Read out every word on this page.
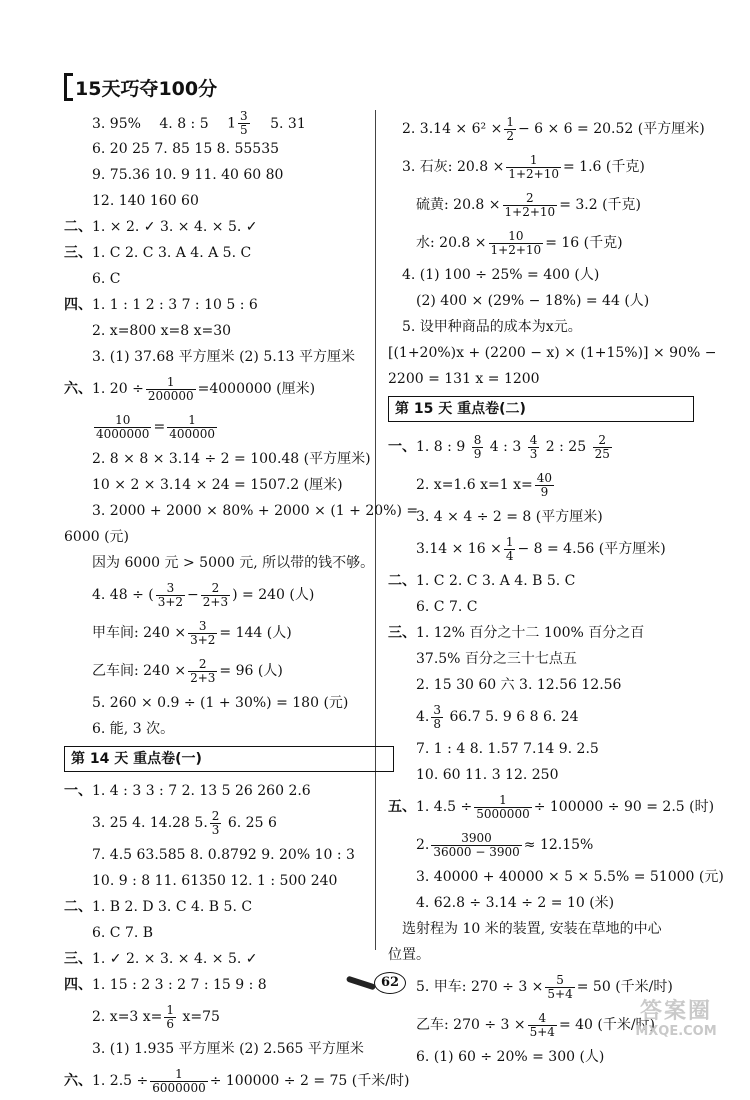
15天巧夺100分
3. 95% 4. 8 : 5 $1 \frac{3}{5} 5$. 31
6. 20 25 7. 85 15 8. 55535
9. 75.36 10. 9 11. 40 60 80
12. 140 160 60
二、1. × 2. ✓ 3. × 4. × 5. ✓
三、1. C 2. C 3. A 4. A 5. C
6. C
四、1. 1 : 1 2 : 3 7 : 10 5 : 6
2. x=800 x=8 x=30
3. (1) 37.68 平方厘米 (2) 5.13 平方厘米
六、1. $20 \div \frac{1}{200000} =4000000$ (厘米)
$\frac{10}{4000000} = \frac{1}{400000}$
2. 8 × 8 × 3.14 ÷ 2 = 100.48 (平方厘米)
10 × 2 × 3.14 × 24 = 1507.2 (厘米)
3. 2000 + 2000 × 80% + 2000 × (1 + 20%) =
6000 (元)
因为 6000 元 > 5000 元, 所以带的钱不够。
4. 48 ÷ ( $\frac{3}{3+2} - \frac{2}{2+3}$ ) = 240 (人)
甲车间: $240 \times \frac{3}{3+2} = 144$ (人)
乙车间: $240 \times \frac{2}{2+3} = 96$ (人)
5. 260 × 0.9 ÷ (1 + 30%) = 180 (元)
6. 能, 3 次。
第 14 天 重点卷(一)
一、1. 4 : 3 3 : 7 2. 13 5 26 260 2.6
3. 25 4. 14.28 5. $\frac{2}{3} 6$. 25 6
7. 4.5 63.585 8. 0.8792 9. 20% 10 : 3
10. 9 : 8 11. 61350 12. 1 : 500 240
二、1. B 2. D 3. C 4. B 5. C
6. C 7. B
三、1. ✓ 2. × 3. × 4. × 5. ✓
四、1. 15 : 2 3 : 2 7 : 15 9 : 8
2. x=3 $x= \frac{1}{6} x=75$
3. (1) 1.935 平方厘米 (2) 2.565 平方厘米
六、1. $2.5 \div \frac{1}{6000000} \div 100000 \div 2 = 75$ (千米/时)
2. $3.14 \times 6^2 \times \frac{1}{2} - 6 \times 6 = 20.52$ (平方厘米)
3. 石灰: $20.8 \times \frac{1}{1+2+10} = 1.6$ (千克)
硫黄: $20.8 \times \frac{2}{1+2+10} = 3.2$ (千克)
水: $20.8 \times \frac{10}{1+2+10} = 16$ (千克)
4. (1) 100 ÷ 25% = 400 (人)
(2) 400 × (29% − 18%) = 44 (人)
5. 设甲种商品的成本为x元。
[(1+20%)x + (2200 − x) × (1+15%)] × 90% −
2200 = 131 x = 1200
第 15 天 重点卷(二)
一、1. 8 : $9 \frac{8}{9} 4$ : $3 \frac{4}{3} 2$ : $25 \frac{2}{25}$
2. x=1.6 x=1 $x= \frac{40}{9}$
3. 4 × 4 ÷ 2 = 8 (平方厘米)
$3.14 \times 16 \times \frac{1}{4} - 8 = 4.56$ (平方厘米)
二、1. C 2. C 3. A 4. B 5. C
6. C 7. C
三、1. 12% 百分之十二 100% 百分之百
37.5% 百分之三十七点五
2. 15 30 60 六 3. 12.56 12.56
4. $\frac{3}{8} 66.7$ 5. 9 6 8 6. 24
7. 1 : 4 8. 1.57 7.14 9. 2.5
10. 60 11. 3 12. 250
五、1. $4.5 \div \frac{1}{5000000} \div 100000 \div 90 = 2.5$ (时)
2. $\frac{3900}{36000 - 3900} \approx 12.15\%$
3. 40000 + 40000 × 5 × 5.5% = 51000 (元)
4. 62.8 ÷ 3.14 ÷ 2 = 10 (米)
选射程为 10 米的装置, 安装在草地的中心
位置。
5. 甲车: $270 \div 3 \times \frac{5}{5+4} = 50$ (千米/时)
乙车: $270 \div 3 \times \frac{4}{5+4} = 40$ (千米/时)
6. (1) 60 ÷ 20% = 300 (人)
62
答案圈
MXQE.COM
